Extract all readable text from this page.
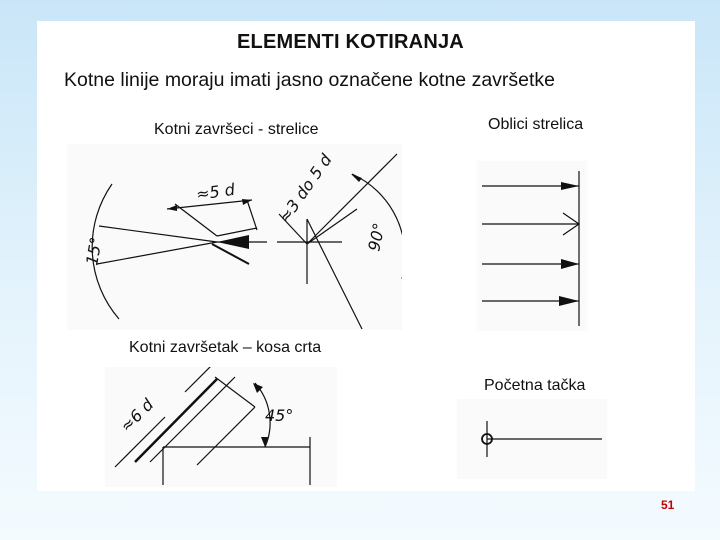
ELEMENTI KOTIRANJA

Kotne linije moraju imati jasno označene kotne završetke

Kotni završeci - strelice	Oblici strelica

Kotni završetak – kosa crta

Početna tačka

≈5 d
15°
≈3 do 5 d
90°
≈6 d	45°
51
